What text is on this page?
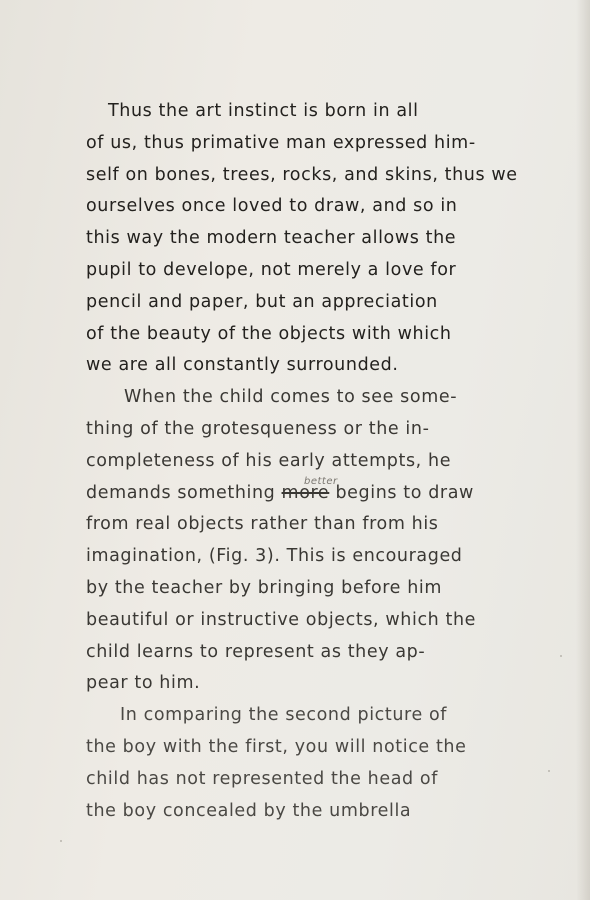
Thus the art instinct is born in all
of us, thus primative man expressed him-
self on bones, trees, rocks, and skins, thus we
ourselves once loved to draw, and so in
this way the modern teacher allows the
pupil to develope, not merely a love for
pencil and paper, but an appreciation
of the beauty of the objects with which
we are all constantly surrounded.
When the child comes to see some-
thing of the grotesqueness or the in-
completeness of his early attempts, he
demands something more begins to draw
better
from real objects rather than from his
imagination, (Fig. 3). This is encouraged
by the teacher by bringing before him
beautiful or instructive objects, which the
child learns to represent as they ap-
pear to him.
In comparing the second picture of
the boy with the first, you will notice the
child has not represented the head of
the boy concealed by the umbrella
